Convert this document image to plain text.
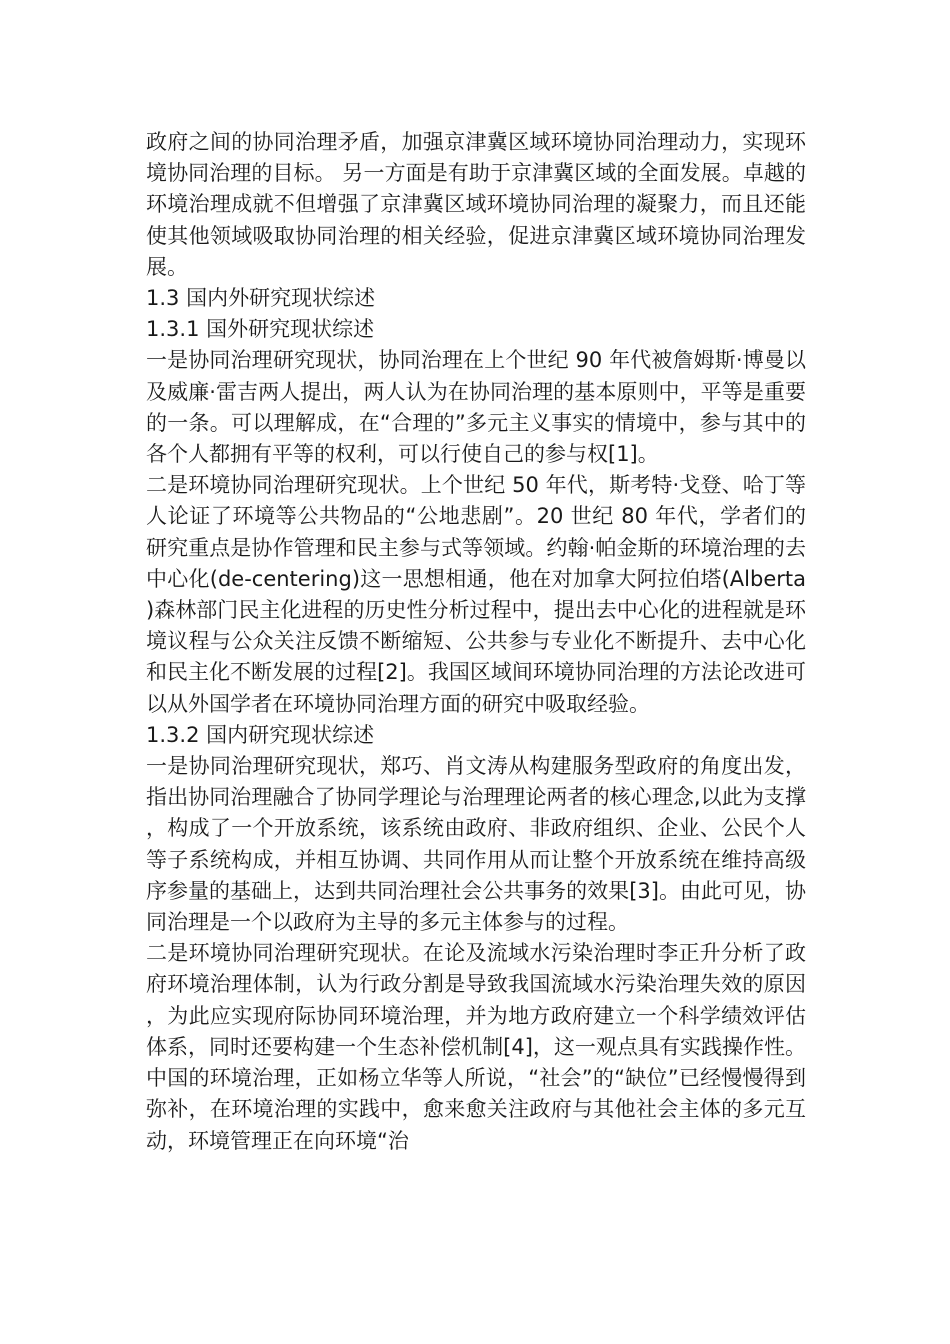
政府之间的协同治理矛盾，加强京津冀区域环境协同治理动力，实现环境协同治理的目标。 另一方面是有助于京津冀区域的全面发展。卓越的环境治理成就不但增强了京津冀区域环境协同治理的凝聚力，而且还能使其他领域吸取协同治理的相关经验，促进京津冀区域环境协同治理发展。

1.3 国内外研究现状综述

1.3.1 国外研究现状综述

一是协同治理研究现状，协同治理在上个世纪 90 年代被詹姆斯·博曼以及威廉·雷吉两人提出，两人认为在协同治理的基本原则中，平等是重要的一条。可以理解成，在“合理的”多元主义事实的情境中，参与其中的各个人都拥有平等的权利，可以行使自己的参与权[1]。

二是环境协同治理研究现状。上个世纪 50 年代，斯考特·戈登、哈丁等人论证了环境等公共物品的“公地悲剧”。20 世纪 80 年代，学者们的研究重点是协作管理和民主参与式等领域。约翰·帕金斯的环境治理的去中心化(de-centering)这一思想相通，他在对加拿大阿拉伯塔(Alberta)森林部门民主化进程的历史性分析过程中，提出去中心化的进程就是环境议程与公众关注反馈不断缩短、公共参与专业化不断提升、去中心化和民主化不断发展的过程[2]。我国区域间环境协同治理的方法论改进可以从外国学者在环境协同治理方面的研究中吸取经验。

1.3.2 国内研究现状综述

一是协同治理研究现状，郑巧、肖文涛从构建服务型政府的角度出发，指出协同治理融合了协同学理论与治理理论两者的核心理念,以此为支撑，构成了一个开放系统，该系统由政府、非政府组织、企业、公民个人等子系统构成，并相互协调、共同作用从而让整个开放系统在维持高级序参量的基础上，达到共同治理社会公共事务的效果[3]。由此可见，协同治理是一个以政府为主导的多元主体参与的过程。

二是环境协同治理研究现状。在论及流域水污染治理时李正升分析了政府环境治理体制，认为行政分割是导致我国流域水污染治理失效的原因，为此应实现府际协同环境治理，并为地方政府建立一个科学绩效评估体系，同时还要构建一个生态补偿机制[4]，这一观点具有实践操作性。中国的环境治理，正如杨立华等人所说，“社会”的“缺位”已经慢慢得到弥补，在环境治理的实践中，愈来愈关注政府与其他社会主体的多元互动，环境管理正在向环境“治
